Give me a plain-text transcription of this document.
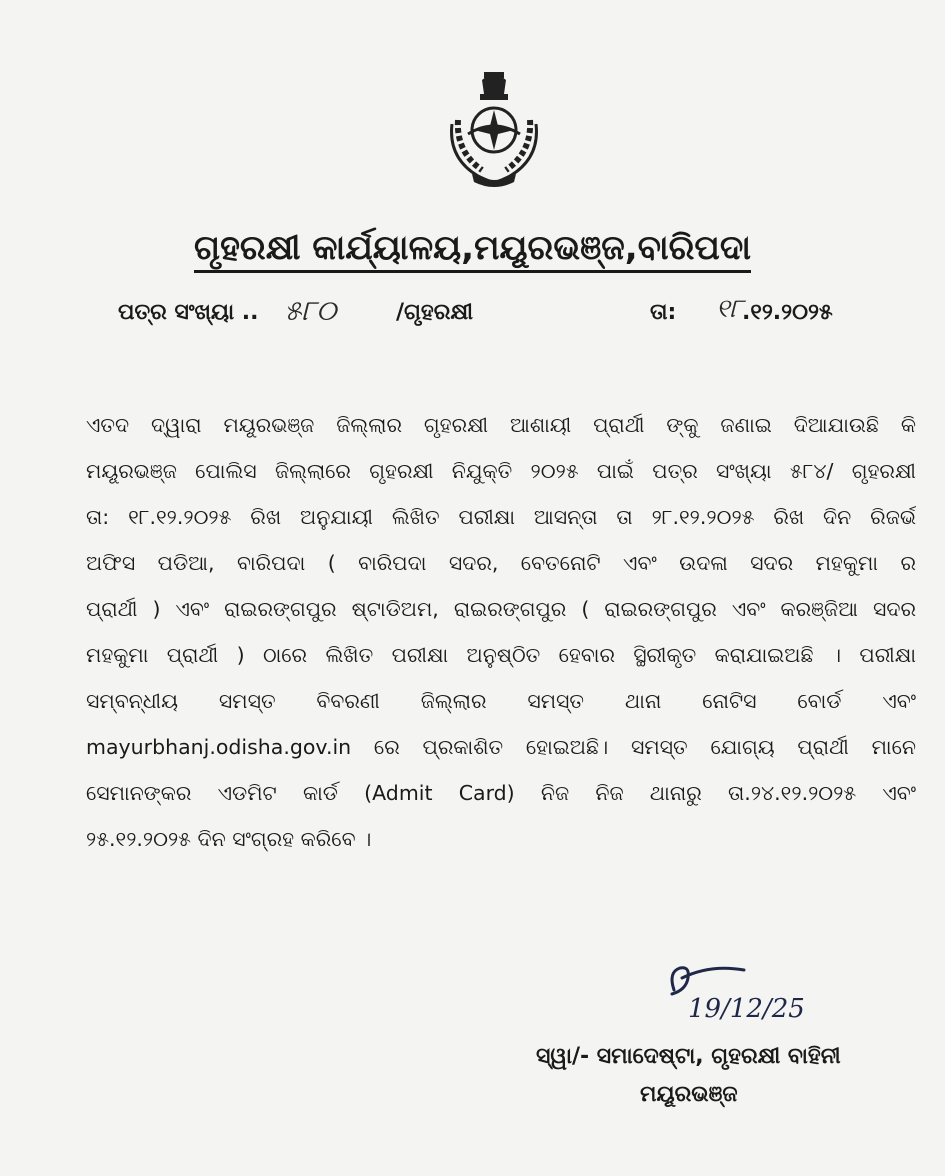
ଗୃହରକ୍ଷୀ କାର୍ଯ୍ୟାଳୟ,ମୟୂରଭଞ୍ଜ,ବାରିପଦା
ପତ୍ର ସଂଖ୍ୟା .. ୫୮୦	/ଗୃହରକ୍ଷୀ	ତା: ୧୮
.୧୨.୨୦୨୫
ଏତଦ ଦ୍ୱାରା ମୟୂରଭଞ୍ଜ ଜିଲ୍ଲାର ଗୃହରକ୍ଷୀ ଆଶାୟୀ ପ୍ରାର୍ଥୀ ଙ୍କୁ ଜଣାଇ ଦିଆଯାଉଛି କି
ମୟୂରଭଞ୍ଜ ପୋଲିସ ଜିଲ୍ଲାରେ ଗୃହରକ୍ଷୀ ନିଯୁକ୍ତି ୨୦୨୫ ପାଇଁ ପତ୍ର ସଂଖ୍ୟା ୫୮୪/ ଗୃହରକ୍ଷୀ
ତା: ୧୮.୧୨.୨୦୨୫ ରିଖ ଅନୁଯାୟୀ ଲିଖିତ ପରୀକ୍ଷା ଆସନ୍ତା ତା ୨୮.୧୨.୨୦୨୫ ରିଖ ଦିନ ରିଜର୍ଭ
ଅଫିସ ପଡିଆ, ବାରିପଦା ( ବାରିପଦା ସଦର, ବେତନୋଟି ଏବଂ ଉଦଳା ସଦର ମହକୁମା ର
ପ୍ରାର୍ଥୀ ) ଏବଂ ରାଇରଙ୍ଗପୁର ଷ୍ଟାଡିଅମ, ରାଇରଙ୍ଗପୁର ( ରାଇରଙ୍ଗପୁର ଏବଂ କରଞ୍ଜିଆ ସଦର
ମହକୁମା ପ୍ରାର୍ଥୀ ) ଠାରେ ଲିଖିତ ପରୀକ୍ଷା ଅନୁଷ୍ଠିତ ହେବାର ସ୍ଥିରୀକୃତ କରାଯାଇଅଛି । ପରୀକ୍ଷା
ସମ୍ବନ୍ଧୀୟ ସମସ୍ତ ବିବରଣୀ ଜିଲ୍ଲାର ସମସ୍ତ ଥାନା ନୋଟିସ ବୋର୍ଡ ଏବଂ
mayurbhanj.odisha.gov.in ରେ ପ୍ରକାଶିତ ହୋଇଅଛି। ସମସ୍ତ ଯୋଗ୍ୟ ପ୍ରାର୍ଥୀ ମାନେ
ସେମାନଙ୍କର ଏଡମିଟ କାର୍ଡ (Admit Card) ନିଜ ନିଜ ଥାନାରୁ ତା.୨୪.୧୨.୨୦୨୫ ଏବଂ
୨୫.୧୨.୨୦୨୫ ଦିନ ସଂଗ୍ରହ କରିବେ ।
19/12/25
ସ୍ୱା/- ସମାଦେଷ୍ଟା, ଗୃହରକ୍ଷୀ ବାହିନୀ
ମୟୂରଭଞ୍ଜ
